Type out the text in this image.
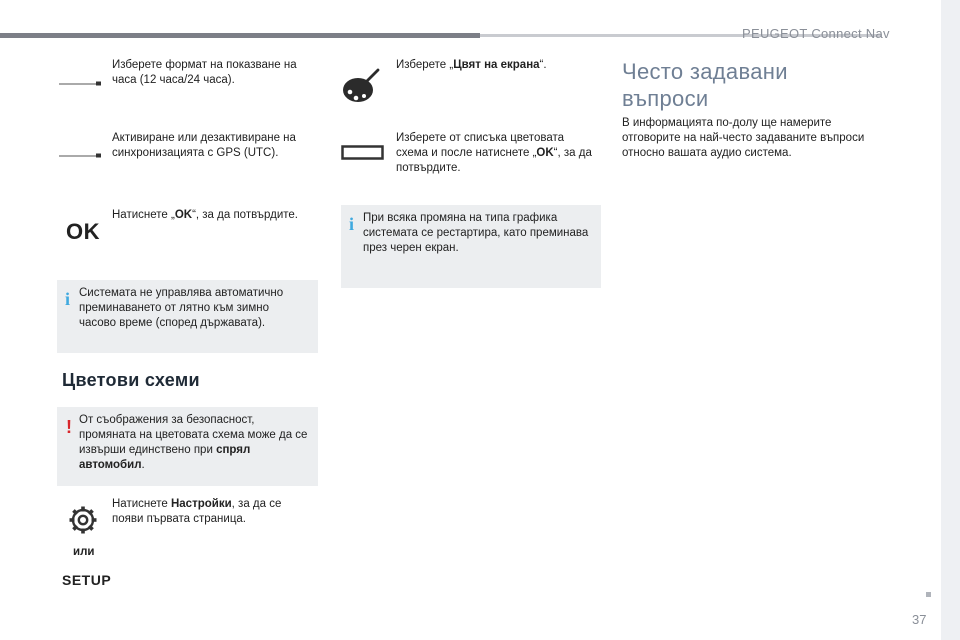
PEUGEOT Connect Nav
37
Изберете формат на показване на часа (12 часа/24 часа).
Активиране или дезактивиране на синхронизацията с GPS (UTC).
OK
Натиснете „OK“, за да потвърдите.
i Системата не управлява автоматично преминаването от лятно към зимно часово време (според държавата).
Цветови схеми
! От съображения за безопасност, промяната на цветовата схема може да се извърши единствено при спрял автомобил.
Натиснете Настройки, за да се появи първата страница.
или
SETUP
Изберете „Цвят на екрана“.
Изберете от списъка цветовата схема и после натиснете „OK“, за да потвърдите.
i При всяка промяна на типа графика системата се рестартира, като преминава през черен екран.
Често задавани
въпроси
В информацията по-долу ще намерите отговорите на най-често задаваните въпроси относно вашата аудио система.
